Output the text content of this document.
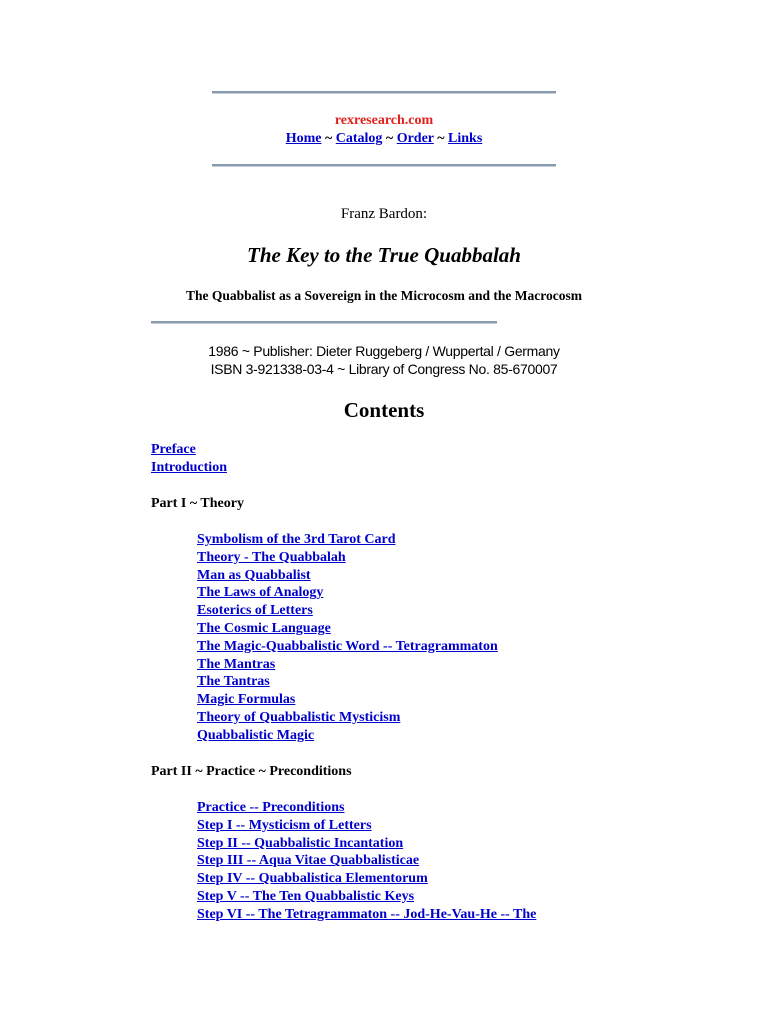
rexresearch.com
Home ~ Catalog ~ Order ~ Links
Franz Bardon:
The Key to the True Quabbalah
The Quabbalist as a Sovereign in the Microcosm and the Macrocosm
1986 ~ Publisher: Dieter Ruggeberg / Wuppertal / Germany
ISBN 3-921338-03-4 ~ Library of Congress No. 85-670007
Contents
Preface
Introduction
Part I ~ Theory
Symbolism of the 3rd Tarot Card
Theory - The Quabbalah
Man as Quabbalist
The Laws of Analogy
Esoterics of Letters
The Cosmic Language
The Magic-Quabbalistic Word -- Tetragrammaton
The Mantras
The Tantras
Magic Formulas
Theory of Quabbalistic Mysticism
Quabbalistic Magic
Part II ~ Practice ~ Preconditions
Practice -- Preconditions
Step I -- Mysticism of Letters
Step II -- Quabbalistic Incantation
Step III -- Aqua Vitae Quabbalisticae
Step IV -- Quabbalistica Elementorum
Step V -- The Ten Quabbalistic Keys
Step VI -- The Tetragrammaton -- Jod-He-Vau-He -- The
